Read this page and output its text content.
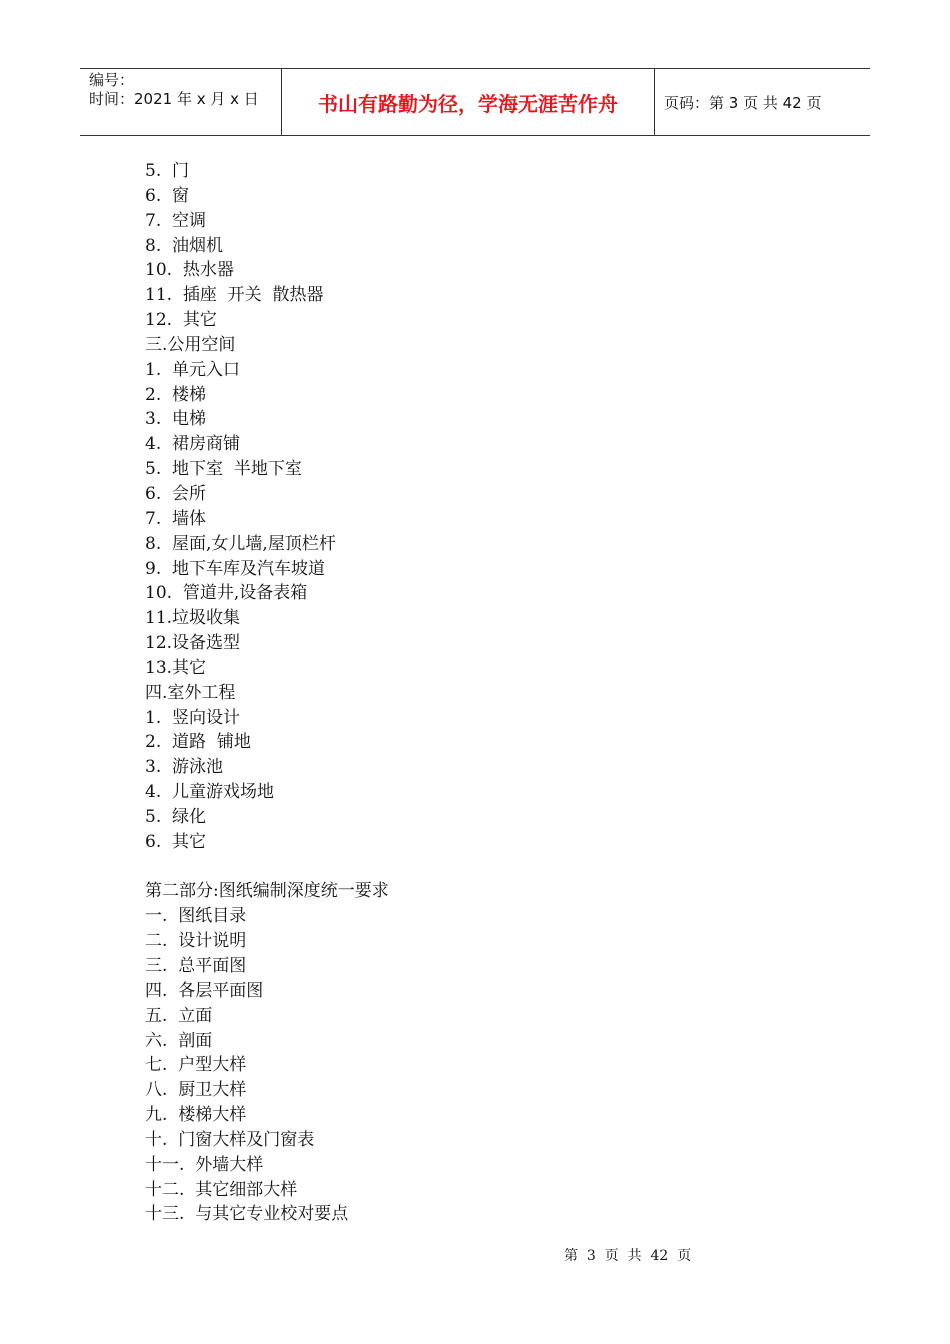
编号：
时间：2021 年 x 月 x 日	书山有路勤为径，学海无涯苦作舟	页码：第 3 页 共 42 页
5.  门
6.  窗
7.  空调
8.  油烟机
10.  热水器
11.  插座  开关  散热器
12.  其它
三.公用空间
1.  单元入口
2.  楼梯
3.  电梯
4.  裙房商铺
5.  地下室  半地下室
6.  会所
7.  墙体
8.  屋面,女儿墙,屋顶栏杆
9.  地下车库及汽车坡道
10.  管道井,设备表箱
11.垃圾收集
12.设备选型
13.其它
四.室外工程
1.  竖向设计
2.  道路  铺地
3.  游泳池
4.  儿童游戏场地
5.  绿化
6.  其它
第二部分:图纸编制深度统一要求
一.  图纸目录
二.  设计说明
三.  总平面图
四.  各层平面图
五.  立面
六.  剖面
七.  户型大样
八.  厨卫大样
九.  楼梯大样
十.  门窗大样及门窗表
十一.  外墙大样
十二.  其它细部大样
十三.  与其它专业校对要点
第  3  页  共  42  页
